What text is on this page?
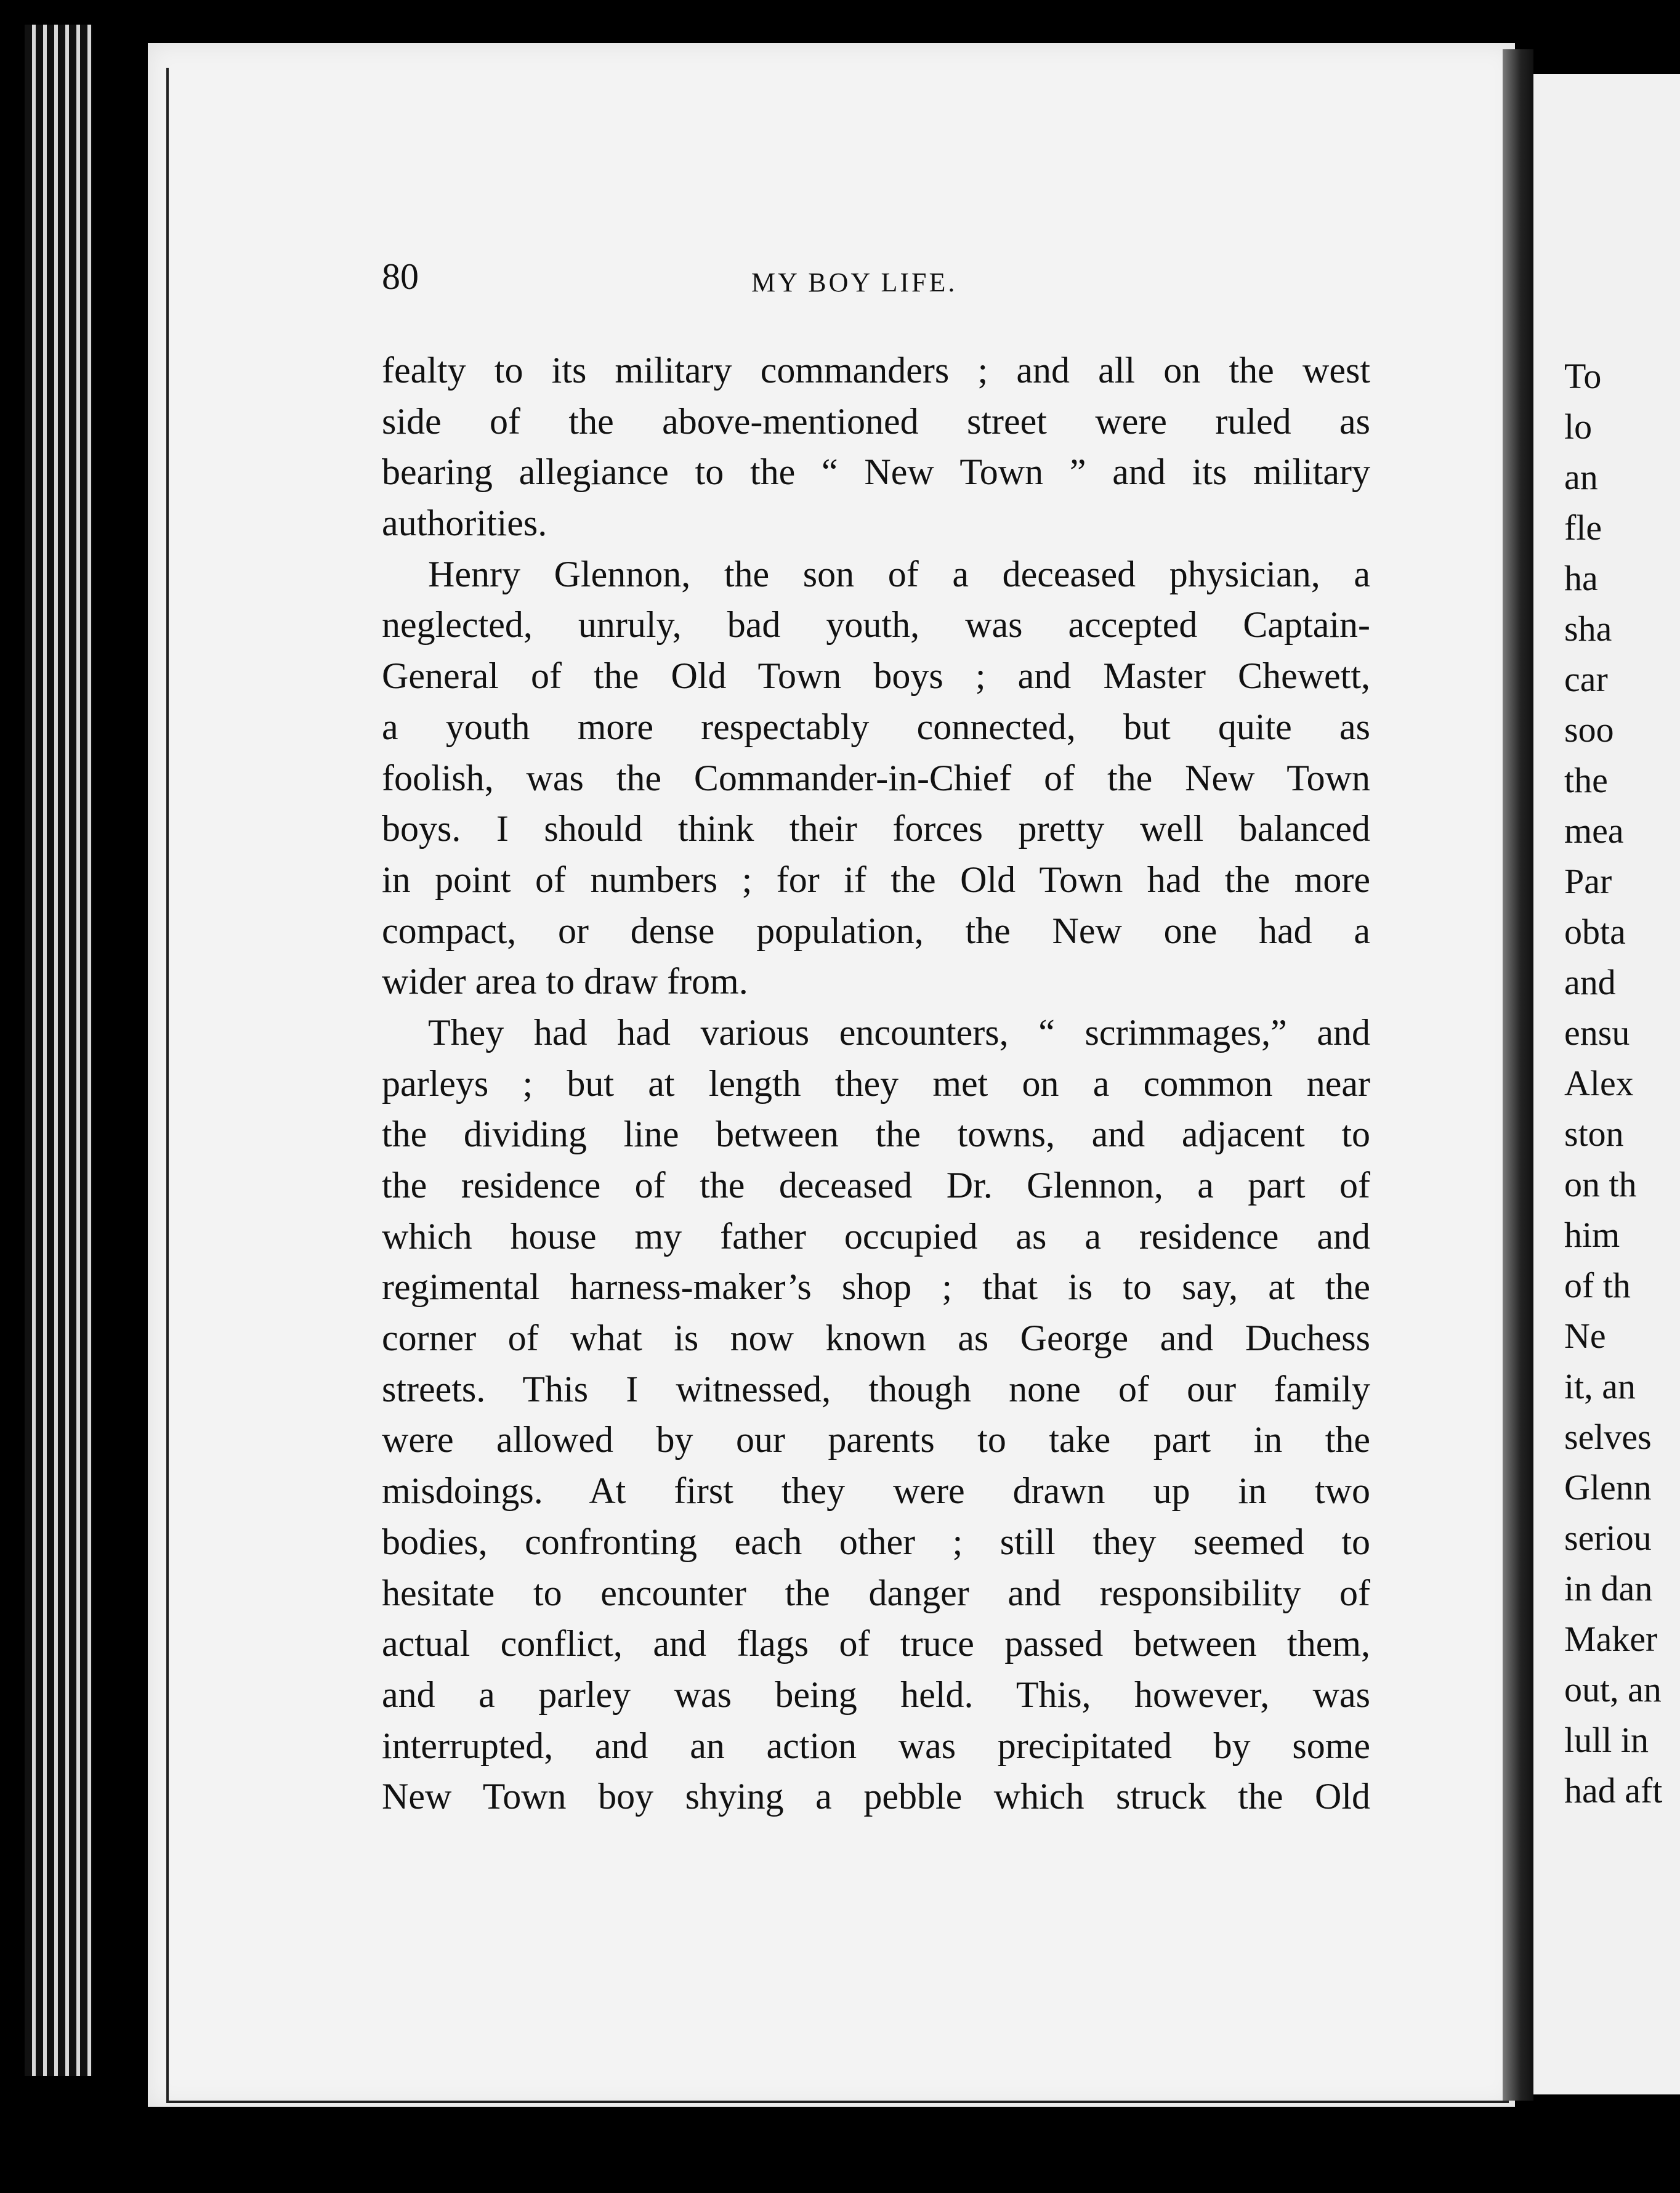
80	MY BOY LIFE.
fealty to its military commanders ; and all on the west
side of the above-mentioned street were ruled as
bearing allegiance to the “ New Town ” and its military
authorities.
Henry Glennon, the son of a deceased physician, a
neglected, unruly, bad youth, was accepted Captain-
General of the Old Town boys ; and Master Chewett,
a youth more respectably connected, but quite as
foolish, was the Commander-in-Chief of the New Town
boys. I should think their forces pretty well balanced
in point of numbers ; for if the Old Town had the more
compact, or dense population, the New one had a
wider area to draw from.
They had had various encounters, “ scrimmages,” and
parleys ; but at length they met on a common near
the dividing line between the towns, and adjacent to
the residence of the deceased Dr. Glennon, a part of
which house my father occupied as a residence and
regimental harness-maker’s shop ; that is to say, at the
corner of what is now known as George and Duchess
streets. This I witnessed, though none of our family
were allowed by our parents to take part in the
misdoings. At first they were drawn up in two
bodies, confronting each other ; still they seemed to
hesitate to encounter the danger and responsibility of
actual conflict, and flags of truce passed between them,
and a parley was being held. This, however, was
interrupted, and an action was precipitated by some
New Town boy shying a pebble which struck the Old
To
lo
an
fle
ha
sha
car
soo
the
mea
Par
obta
and
ensu
Alex
ston
on th
him
of th
Ne
it, an
selves
Glenn
seriou
in dan
Maker
out, an
lull in
had aft
